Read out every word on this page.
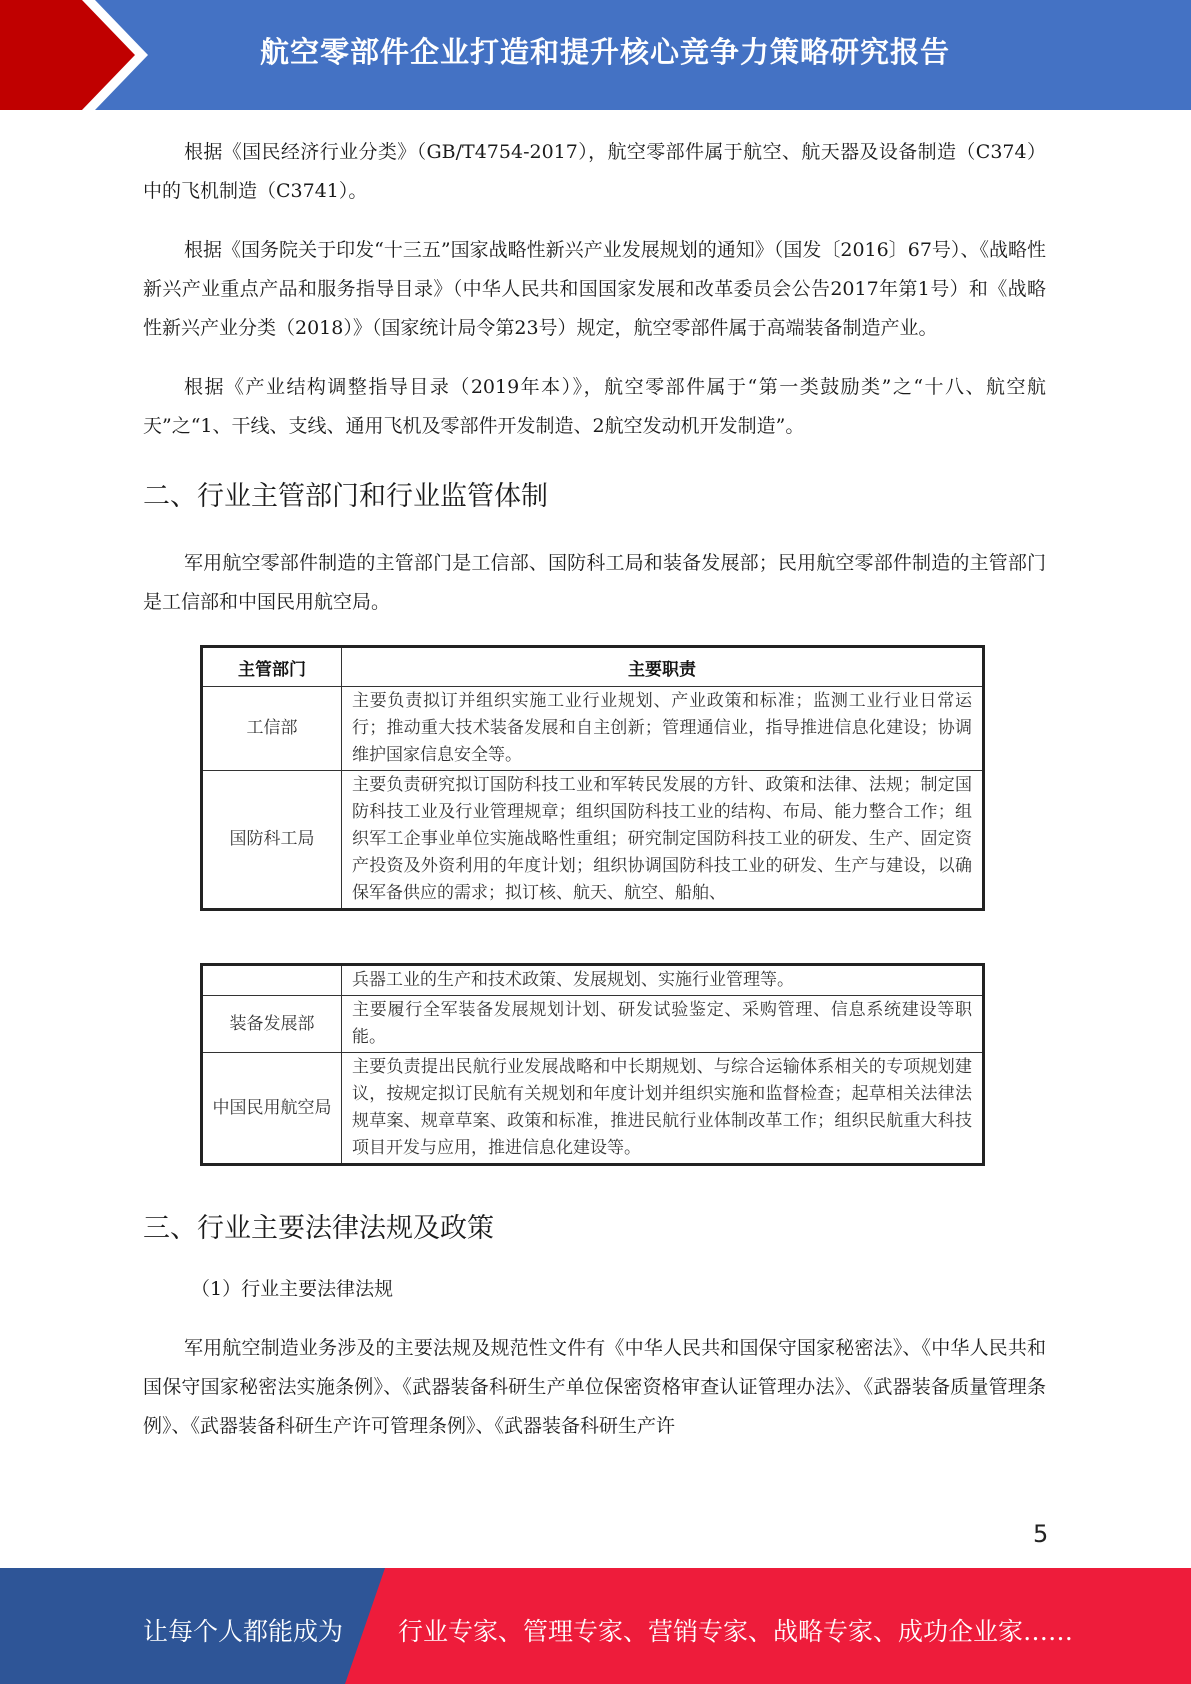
航空零部件企业打造和提升核心竞争力策略研究报告

根据《国民经济行业分类》（GB/T4754-2017），航空零部件属于航空、航天器及设备制造（C374）中的飞机制造（C3741）。

根据《国务院关于印发“十三五”国家战略性新兴产业发展规划的通知》（国发〔2016〕67号）、《战略性新兴产业重点产品和服务指导目录》（中华人民共和国国家发展和改革委员会公告2017年第1号）和《战略性新兴产业分类（2018）》（国家统计局令第23号）规定，航空零部件属于高端装备制造产业。

根据《产业结构调整指导目录（2019年本）》，航空零部件属于“第一类鼓励类”之“十八、航空航天”之“1、干线、支线、通用飞机及零部件开发制造、2航空发动机开发制造”。

二、行业主管部门和行业监管体制

军用航空零部件制造的主管部门是工信部、国防科工局和装备发展部；民用航空零部件制造的主管部门是工信部和中国民用航空局。

主管部门	主要职责
工信部	主要负责拟订并组织实施工业行业规划、产业政策和标准；监测工业行业日常运行；推动重大技术装备发展和自主创新；管理通信业，指导推进信息化建设；协调维护国家信息安全等。
国防科工局	主要负责研究拟订国防科技工业和军转民发展的方针、政策和法律、法规；制定国防科技工业及行业管理规章；组织国防科技工业的结构、布局、能力整合工作；组织军工企事业单位实施战略性重组；研究制定国防科技工业的研发、生产、固定资产投资及外资利用的年度计划；组织协调国防科技工业的研发、生产与建设，以确保军备供应的需求；拟订核、航天、航空、船舶、
	兵器工业的生产和技术政策、发展规划、实施行业管理等。
装备发展部	主要履行全军装备发展规划计划、研发试验鉴定、采购管理、信息系统建设等职能。
中国民用航空局	主要负责提出民航行业发展战略和中长期规划、与综合运输体系相关的专项规划建议，按规定拟订民航有关规划和年度计划并组织实施和监督检查；起草相关法律法规草案、规章草案、政策和标准，推进民航行业体制改革工作；组织民航重大科技项目开发与应用，推进信息化建设等。
三、行业主要法律法规及政策
（1）行业主要法律法规

军用航空制造业务涉及的主要法规及规范性文件有《中华人民共和国保守国家秘密法》、《中华人民共和国保守国家秘密法实施条例》、《武器装备科研生产单位保密资格审查认证管理办法》、《武器装备质量管理条例》、《武器装备科研生产许可管理条例》、《武器装备科研生产许

5
让每个人都能成为 行业专家、管理专家、营销专家、战略专家、成功企业家……
